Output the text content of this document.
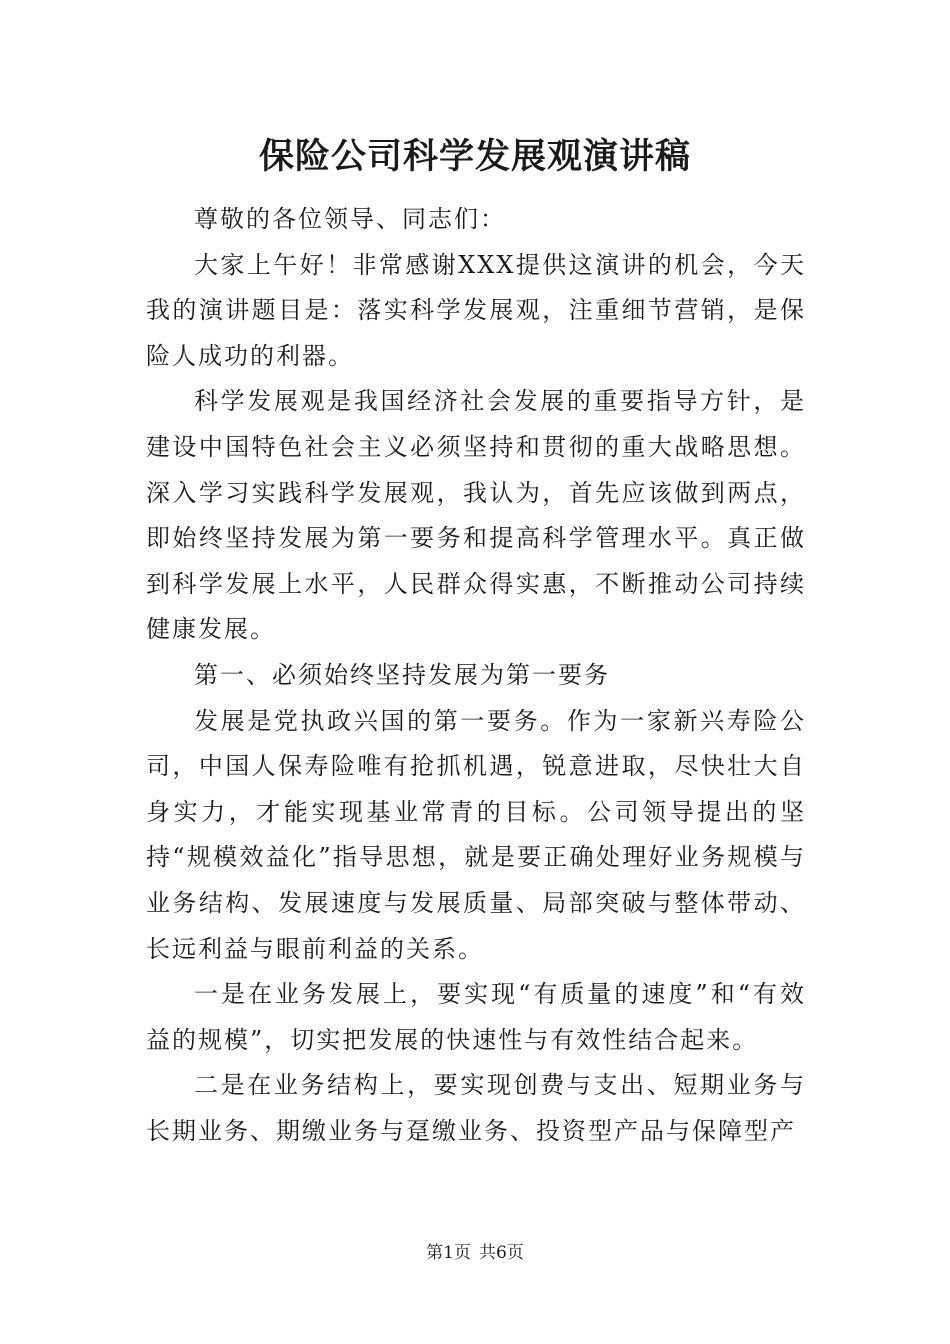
保险公司科学发展观演讲稿

尊敬的各位领导、同志们：

大家上午好！非常感谢XXX提供这演讲的机会，今天我的演讲题目是：落实科学发展观，注重细节营销，是保险人成功的利器。

科学发展观是我国经济社会发展的重要指导方针，是建设中国特色社会主义必须坚持和贯彻的重大战略思想。深入学习实践科学发展观，我认为，首先应该做到两点，即始终坚持发展为第一要务和提高科学管理水平。真正做到科学发展上水平，人民群众得实惠，不断推动公司持续健康发展。

第一、必须始终坚持发展为第一要务

发展是党执政兴国的第一要务。作为一家新兴寿险公司，中国人保寿险唯有抢抓机遇，锐意进取，尽快壮大自身实力，才能实现基业常青的目标。公司领导提出的坚持“规模效益化”指导思想，就是要正确处理好业务规模与业务结构、发展速度与发展质量、局部突破与整体带动、长远利益与眼前利益的关系。

一是在业务发展上，要实现“有质量的速度”和“有效益的规模”，切实把发展的快速性与有效性结合起来。

二是在业务结构上，要实现创费与支出、短期业务与长期业务、期缴业务与趸缴业务、投资型产品与保障型产

第1页 共6页
